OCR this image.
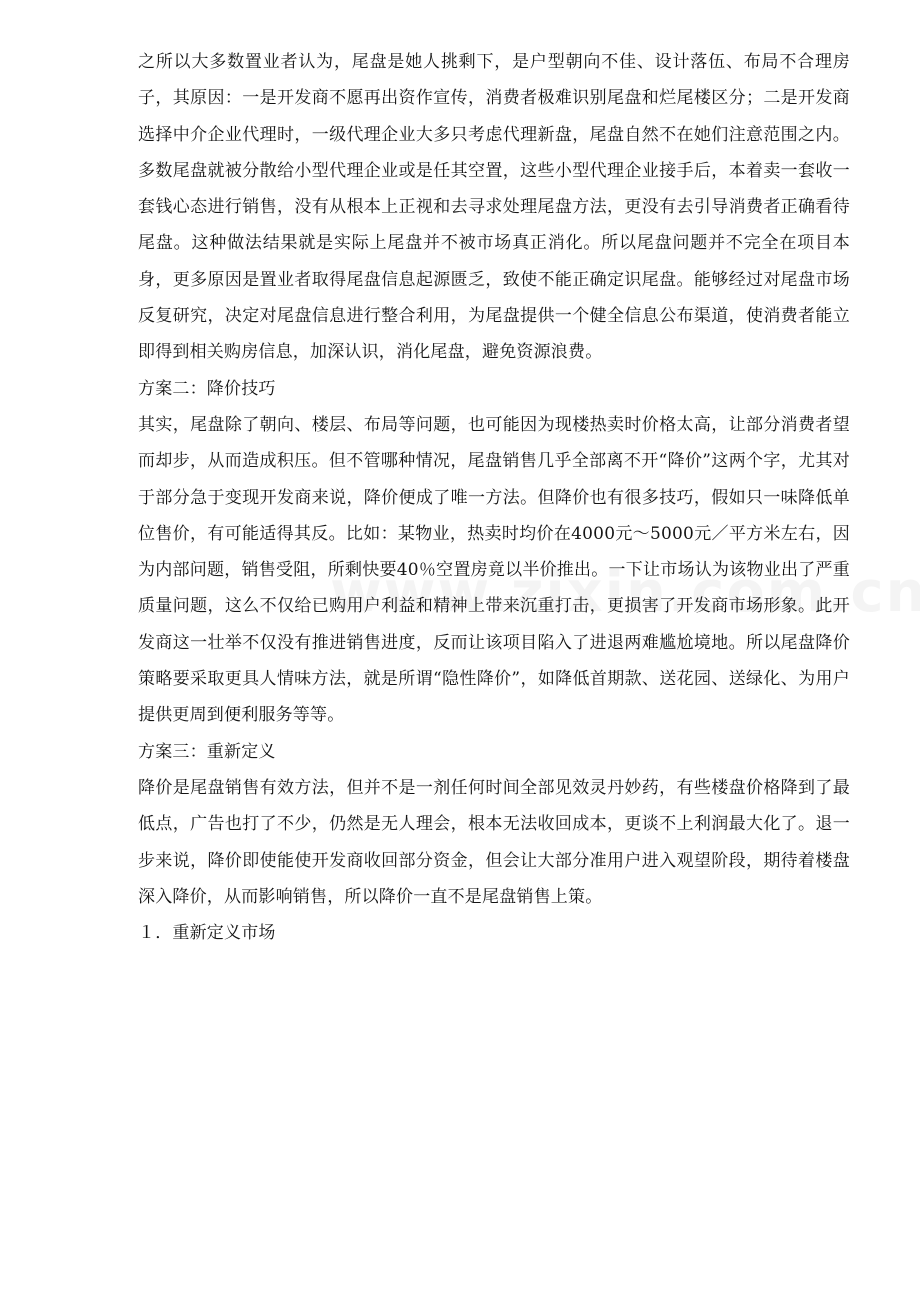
之所以大多数置业者认为，尾盘是她人挑剩下，是户型朝向不佳、设计落伍、布局不合理房子，其原因：一是开发商不愿再出资作宣传，消费者极难识别尾盘和烂尾楼区分；二是开发商选择中介企业代理时，一级代理企业大多只考虑代理新盘，尾盘自然不在她们注意范围之内。多数尾盘就被分散给小型代理企业或是任其空置，这些小型代理企业接手后，本着卖一套收一套钱心态进行销售，没有从根本上正视和去寻求处理尾盘方法，更没有去引导消费者正确看待尾盘。这种做法结果就是实际上尾盘并不被市场真正消化。所以尾盘问题并不完全在项目本身，更多原因是置业者取得尾盘信息起源匮乏，致使不能正确定识尾盘。能够经过对尾盘市场反复研究，决定对尾盘信息进行整合利用，为尾盘提供一个健全信息公布渠道，使消费者能立即得到相关购房信息，加深认识，消化尾盘，避免资源浪费。

方案二：降价技巧

其实，尾盘除了朝向、楼层、布局等问题，也可能因为现楼热卖时价格太高，让部分消费者望而却步，从而造成积压。但不管哪种情况，尾盘销售几乎全部离不开“降价”这两个字，尤其对于部分急于变现开发商来说，降价便成了唯一方法。但降价也有很多技巧，假如只一味降低单位售价，有可能适得其反。比如：某物业，热卖时均价在4000元～5000元／平方米左右，因为内部问题，销售受阻，所剩快要40％空置房竟以半价推出。一下让市场认为该物业出了严重质量问题，这么不仅给已购用户利益和精神上带来沉重打击，更损害了开发商市场形象。此开发商这一壮举不仅没有推进销售进度，反而让该项目陷入了进退两难尴尬境地。所以尾盘降价策略要采取更具人情味方法，就是所谓“隐性降价”，如降低首期款、送花园、送绿化、为用户提供更周到便利服务等等。

方案三：重新定义

降价是尾盘销售有效方法，但并不是一剂任何时间全部见效灵丹妙药，有些楼盘价格降到了最低点，广告也打了不少，仍然是无人理会，根本无法收回成本，更谈不上利润最大化了。退一步来说，降价即使能使开发商收回部分资金，但会让大部分准用户进入观望阶段，期待着楼盘深入降价，从而影响销售，所以降价一直不是尾盘销售上策。

１．重新定义市场
